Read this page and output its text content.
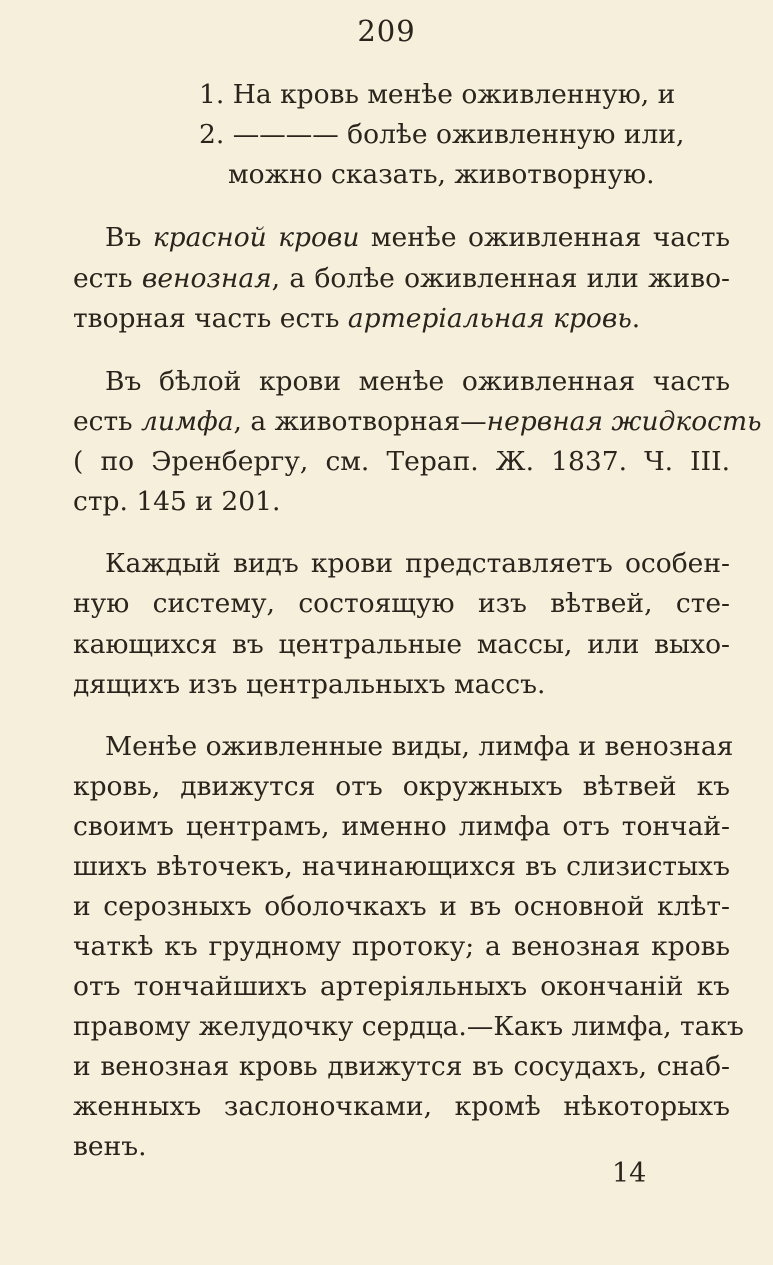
209
1. На кровь менѣе оживленную, и
2. ———— болѣе оживленную или,
можно сказать, животворную.
Въ красной крови менѣе оживленная часть
есть венозная, а болѣе оживленная или живо-
творная часть есть артеріальная кровь.
Въ бѣлой крови менѣе оживленная часть
есть лимфа, а животворная—нервная жидкость
( по Эренбергу, см. Терап. Ж. 1837. Ч. III.
стр. 145 и 201.
Каждый видъ крови представляетъ особен-
ную систему, состоящую изъ вѣтвей, сте-
кающихся въ центральные массы, или выхо-
дящихъ изъ центральныхъ массъ.
Менѣе оживленные виды, лимфа и венозная
кровь, движутся отъ окружныхъ вѣтвей къ
своимъ центрамъ, именно лимфа отъ тончай-
шихъ вѣточекъ, начинающихся въ слизистыхъ
и серозныхъ оболочкахъ и въ основной клѣт-
чаткѣ къ грудному протоку; а венозная кровь
отъ тончайшихъ артеріяльныхъ окончаній къ
правому желудочку сердца.—Какъ лимфа, такъ
и венозная кровь движутся въ сосудахъ, снаб-
женныхъ заслоночками, кромѣ нѣкоторыхъ
венъ.
14
